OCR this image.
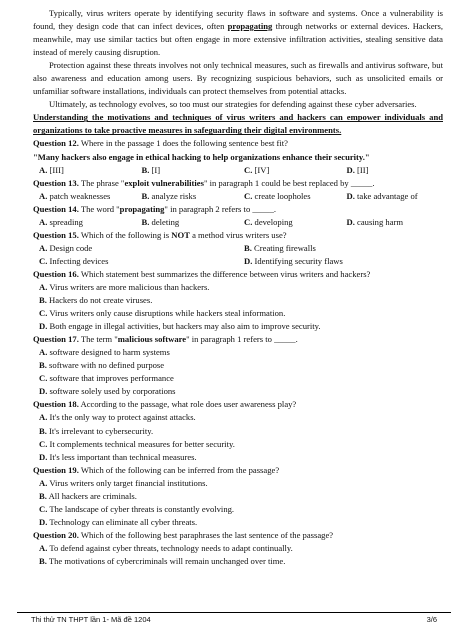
Typically, virus writers operate by identifying security flaws in software and systems. Once a vulnerability is found, they design code that can infect devices, often propagating through networks or external devices. Hackers, meanwhile, may use similar tactics but often engage in more extensive infiltration activities, stealing sensitive data instead of merely causing disruption.

Protection against these threats involves not only technical measures, such as firewalls and antivirus software, but also awareness and education among users. By recognizing suspicious behaviors, such as unsolicited emails or unfamiliar software installations, individuals can protect themselves from potential attacks.

Ultimately, as technology evolves, so too must our strategies for defending against these cyber adversaries.

Understanding the motivations and techniques of virus writers and hackers can empower individuals and organizations to take proactive measures in safeguarding their digital environments.

Question 12. Where in the passage 1 does the following sentence best fit?

"Many hackers also engage in ethical hacking to help organizations enhance their security."

A. [III]	B. [I]	C. [IV]	D. [II]

Question 13. The phrase "exploit vulnerabilities" in paragraph 1 could be best replaced by _____.

A. patch weaknesses	B. analyze risks	C. create loopholes	D. take advantage of

Question 14. The word "propagating" in paragraph 2 refers to _____.

A. spreading	B. deleting	C. developing	D. causing harm

Question 15. Which of the following is NOT a method virus writers use?

A. Design code	B. Creating firewalls
C. Infecting devices	D. Identifying security flaws

Question 16. Which statement best summarizes the difference between virus writers and hackers?

A. Virus writers are more malicious than hackers.

B. Hackers do not create viruses.

C. Virus writers only cause disruptions while hackers steal information.

D. Both engage in illegal activities, but hackers may also aim to improve security.

Question 17. The term "malicious software" in paragraph 1 refers to _____.

A. software designed to harm systems

B. software with no defined purpose

C. software that improves performance

D. software solely used by corporations

Question 18. According to the passage, what role does user awareness play?

A. It's the only way to protect against attacks.

B. It's irrelevant to cybersecurity.

C. It complements technical measures for better security.

D. It's less important than technical measures.

Question 19. Which of the following can be inferred from the passage?

A. Virus writers only target financial institutions.

B. All hackers are criminals.

C. The landscape of cyber threats is constantly evolving.

D. Technology can eliminate all cyber threats.

Question 20. Which of the following best paraphrases the last sentence of the passage?

A. To defend against cyber threats, technology needs to adapt continually.

B. The motivations of cybercriminals will remain unchanged over time.

Thi thử TN THPT lần 1- Mã đề 1204	3/6
